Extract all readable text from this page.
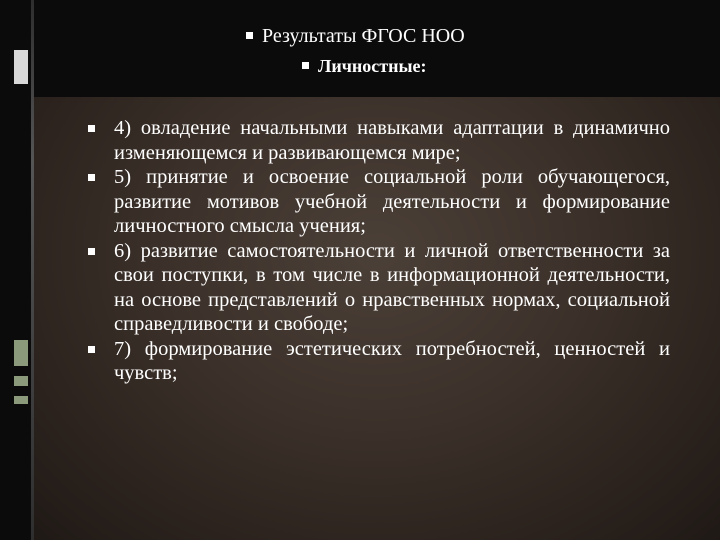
Результаты ФГОС НОО
Личностные:
4) овладение начальными навыками адаптации в динамично изменяющемся и развивающемся мире;
5) принятие и освоение социальной роли обучающегося, развитие мотивов учебной деятельности и формирование личностного смысла учения;
6) развитие самостоятельности и личной ответственности за свои поступки, в том числе в информационной деятельности, на основе представлений о нравственных нормах, социальной справедливости и свободе;
7) формирование эстетических потребностей, ценностей и чувств;
